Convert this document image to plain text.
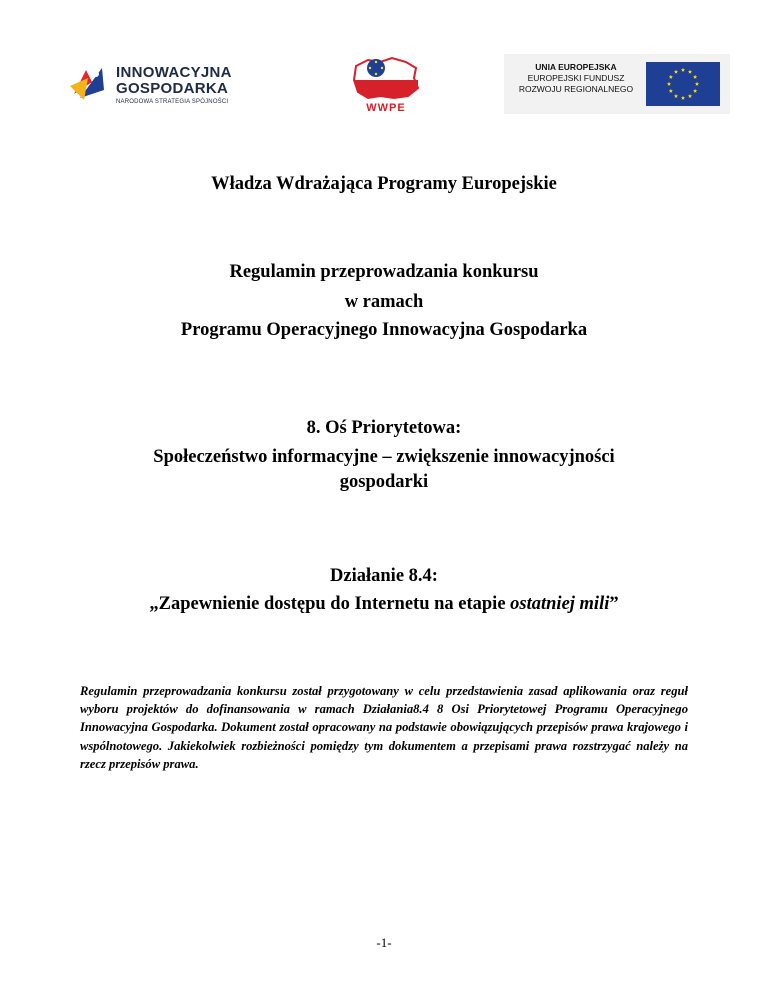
INNOWACYJNA
GOSPODARKA
NARODOWA STRATEGIA SPÓJNOŚCI	WWPE
UNIA EUROPEJSKA
EUROPEJSKI FUNDUSZ
ROZWOJU REGIONALNEGO
Władza Wdrażająca Programy Europejskie
Regulamin przeprowadzania konkursu
w ramach
Programu Operacyjnego Innowacyjna Gospodarka
8. Oś Priorytetowa:
Społeczeństwo informacyjne – zwiększenie innowacyjności
gospodarki
Działanie 8.4:
„Zapewnienie dostępu do Internetu na etapie ostatniej mili”
Regulamin przeprowadzania konkursu został przygotowany w celu przedstawienia zasad aplikowania oraz reguł wyboru projektów do dofinansowania w ramach Działania8.4 8 Osi Priorytetowej Programu Operacyjnego Innowacyjna Gospodarka. Dokument został opracowany na podstawie obowiązujących przepisów prawa krajowego i wspólnotowego. Jakiekolwiek rozbieżności pomiędzy tym dokumentem a przepisami prawa rozstrzygać należy na rzecz przepisów prawa.
-1-
